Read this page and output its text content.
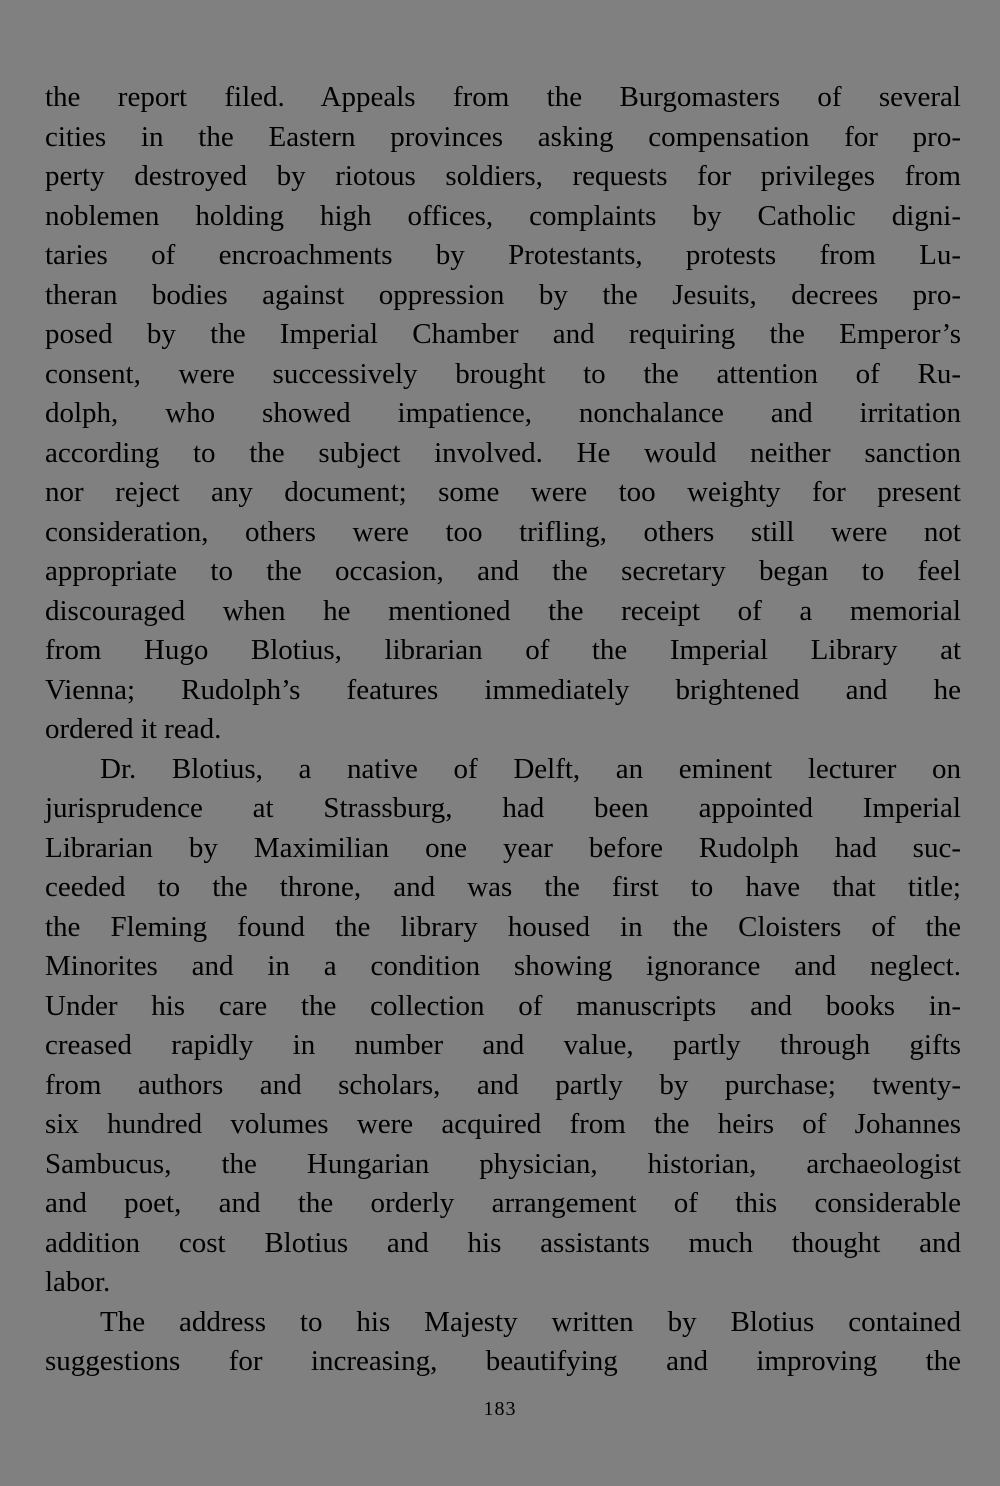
the report filed. Appeals from the Burgomasters of several
cities in the Eastern provinces asking compensation for pro-
perty destroyed by riotous soldiers, requests for privileges from
noblemen holding high offices, complaints by Catholic digni-
taries of encroachments by Protestants, protests from Lu-
theran bodies against oppression by the Jesuits, decrees pro-
posed by the Imperial Chamber and requiring the Emperor’s
consent, were successively brought to the attention of Ru-
dolph, who showed impatience, nonchalance and irritation
according to the subject involved. He would neither sanction
nor reject any document; some were too weighty for present
consideration, others were too trifling, others still were not
appropriate to the occasion, and the secretary began to feel
discouraged when he mentioned the receipt of a memorial
from Hugo Blotius, librarian of the Imperial Library at
Vienna; Rudolph’s features immediately brightened and he
ordered it read.
Dr. Blotius, a native of Delft, an eminent lecturer on
jurisprudence at Strassburg, had been appointed Imperial
Librarian by Maximilian one year before Rudolph had suc-
ceeded to the throne, and was the first to have that title;
the Fleming found the library housed in the Cloisters of the
Minorites and in a condition showing ignorance and neglect.
Under his care the collection of manuscripts and books in-
creased rapidly in number and value, partly through gifts
from authors and scholars, and partly by purchase; twenty-
six hundred volumes were acquired from the heirs of Johannes
Sambucus, the Hungarian physician, historian, archaeologist
and poet, and the orderly arrangement of this considerable
addition cost Blotius and his assistants much thought and
labor.
The address to his Majesty written by Blotius contained
suggestions for increasing, beautifying and improving the
183
